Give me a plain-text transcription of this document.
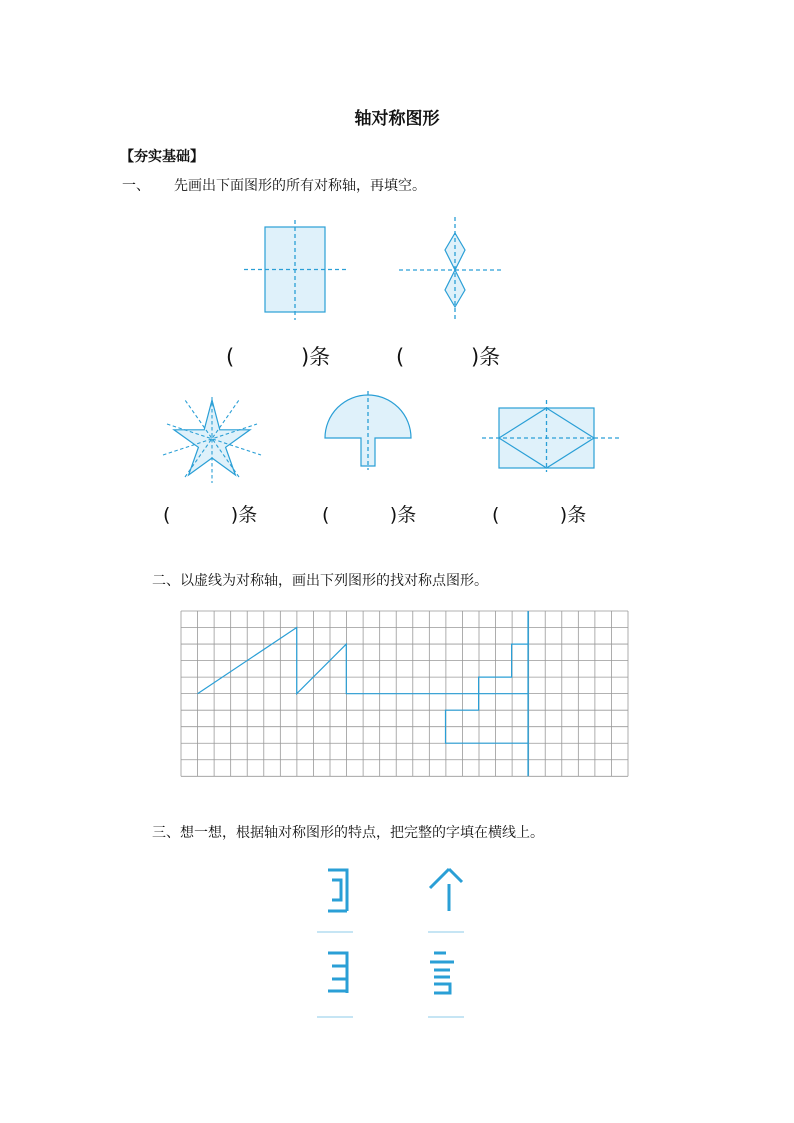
轴对称图形
【夯实基础】
一、 先画出下面图形的所有对称轴，再填空。
(          )条	(          )条
(          )条	(          )条	(          )条
二、以虚线为对称轴，画出下列图形的找对称点图形。
三、想一想，根据轴对称图形的特点，把完整的字填在横线上。
